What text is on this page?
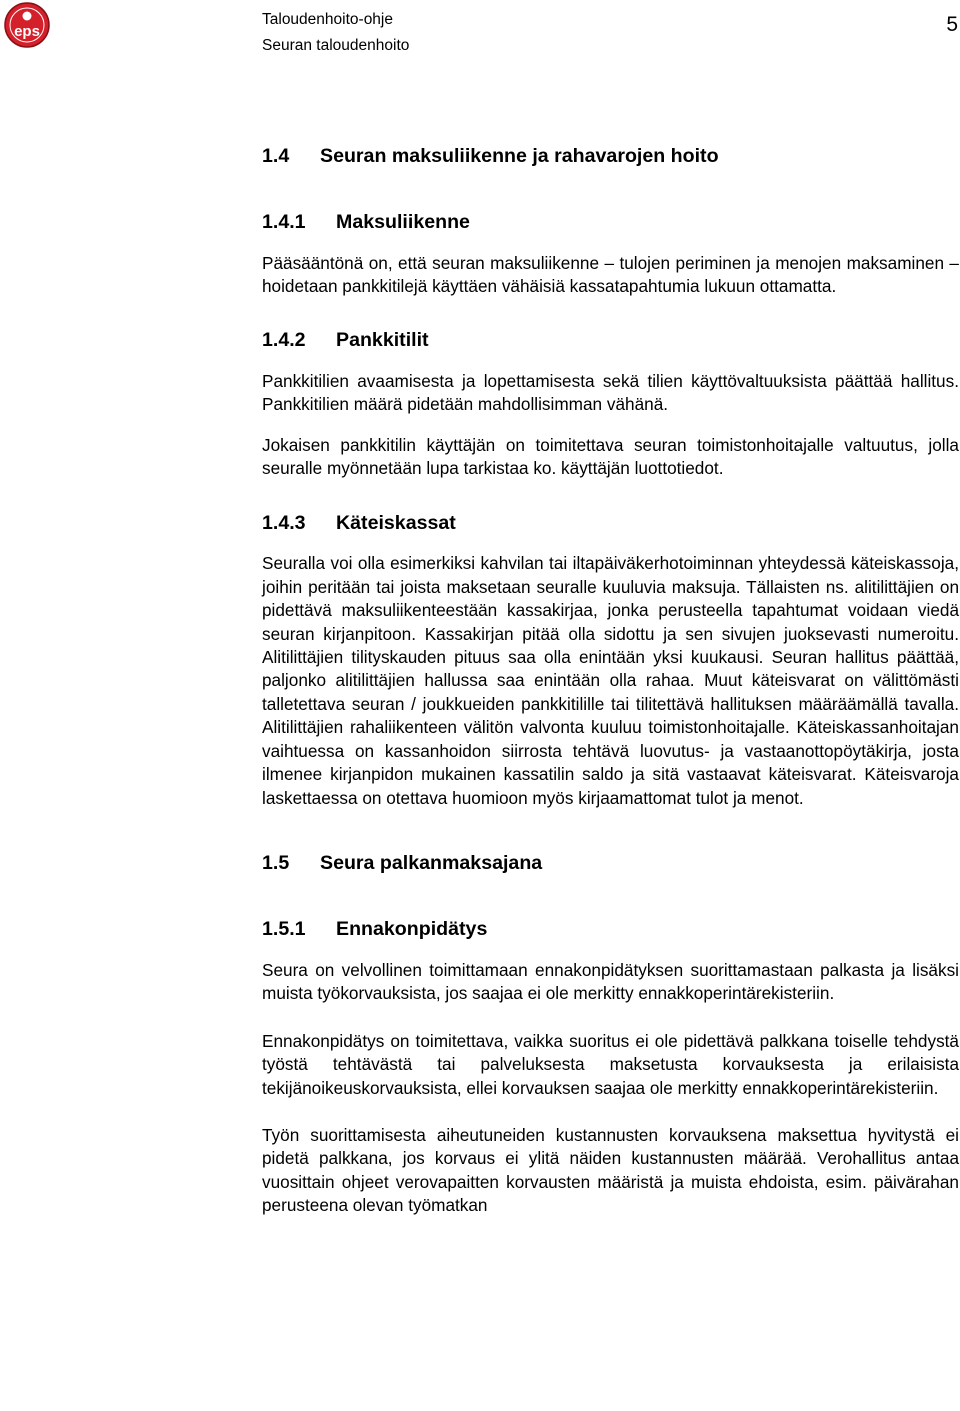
eps
Taloudenhoito-ohje
Seuran taloudenhoito
5
1.4	Seuran maksuliikenne ja rahavarojen hoito
1.4.1	Maksuliikenne

Pääsääntönä on, että seuran maksuliikenne – tulojen periminen ja menojen maksaminen – hoidetaan pankkitilejä käyttäen vähäisiä kassatapahtumia lukuun ottamatta.

1.4.2	Pankkitilit

Pankkitilien avaamisesta ja lopettamisesta sekä tilien käyttövaltuuksista päättää hallitus. Pankkitilien määrä pidetään mahdollisimman vähänä.

Jokaisen pankkitilin käyttäjän on toimitettava seuran toimistonhoitajalle valtuutus, jolla seuralle myönnetään lupa tarkistaa ko. käyttäjän luottotiedot.

1.4.3	Käteiskassat

Seuralla voi olla esimerkiksi kahvilan tai iltapäiväkerhotoiminnan yhteydessä käteiskassoja, joihin peritään tai joista maksetaan seuralle kuuluvia maksuja. Tällaisten ns. alitilittäjien on pidettävä maksuliikenteestään kassakirjaa, jonka perusteella tapahtumat voidaan viedä seuran kirjanpitoon. Kassakirjan pitää olla sidottu ja sen sivujen juoksevasti numeroitu. Alitilittäjien tilityskauden pituus saa olla enintään yksi kuukausi. Seuran hallitus päättää, paljonko alitilittäjien hallussa saa enintään olla rahaa. Muut käteisvarat on välittömästi talletettava seuran / joukkueiden pankkitilille tai tilitettävä hallituksen määräämällä tavalla. Alitilittäjien rahaliikenteen välitön valvonta kuuluu toimistonhoitajalle. Käteiskassanhoitajan vaihtuessa on kassanhoidon siirrosta tehtävä luovutus- ja vastaanottopöytäkirja, josta ilmenee kirjanpidon mukainen kassatilin saldo ja sitä vastaavat käteisvarat. Käteisvaroja laskettaessa on otettava huomioon myös kirjaamattomat tulot ja menot.

1.5	Seura palkanmaksajana
1.5.1	Ennakonpidätys

Seura on velvollinen toimittamaan ennakonpidätyksen suorittamastaan palkasta ja lisäksi muista työkorvauksista, jos saajaa ei ole merkitty ennakkoperintärekisteriin.

Ennakonpidätys on toimitettava, vaikka suoritus ei ole pidettävä palkkana toiselle tehdystä työstä tehtävästä tai palveluksesta maksetusta korvauksesta ja erilaisista tekijänoikeuskorvauksista, ellei korvauksen saajaa ole merkitty ennakkoperintärekisteriin.

Työn suorittamisesta aiheutuneiden kustannusten korvauksena maksettua hyvitystä ei pidetä palkkana, jos korvaus ei ylitä näiden kustannusten määrää. Verohallitus antaa vuosittain ohjeet verovapaitten korvausten määristä ja muista ehdoista, esim. päivärahan perusteena olevan työmatkan
